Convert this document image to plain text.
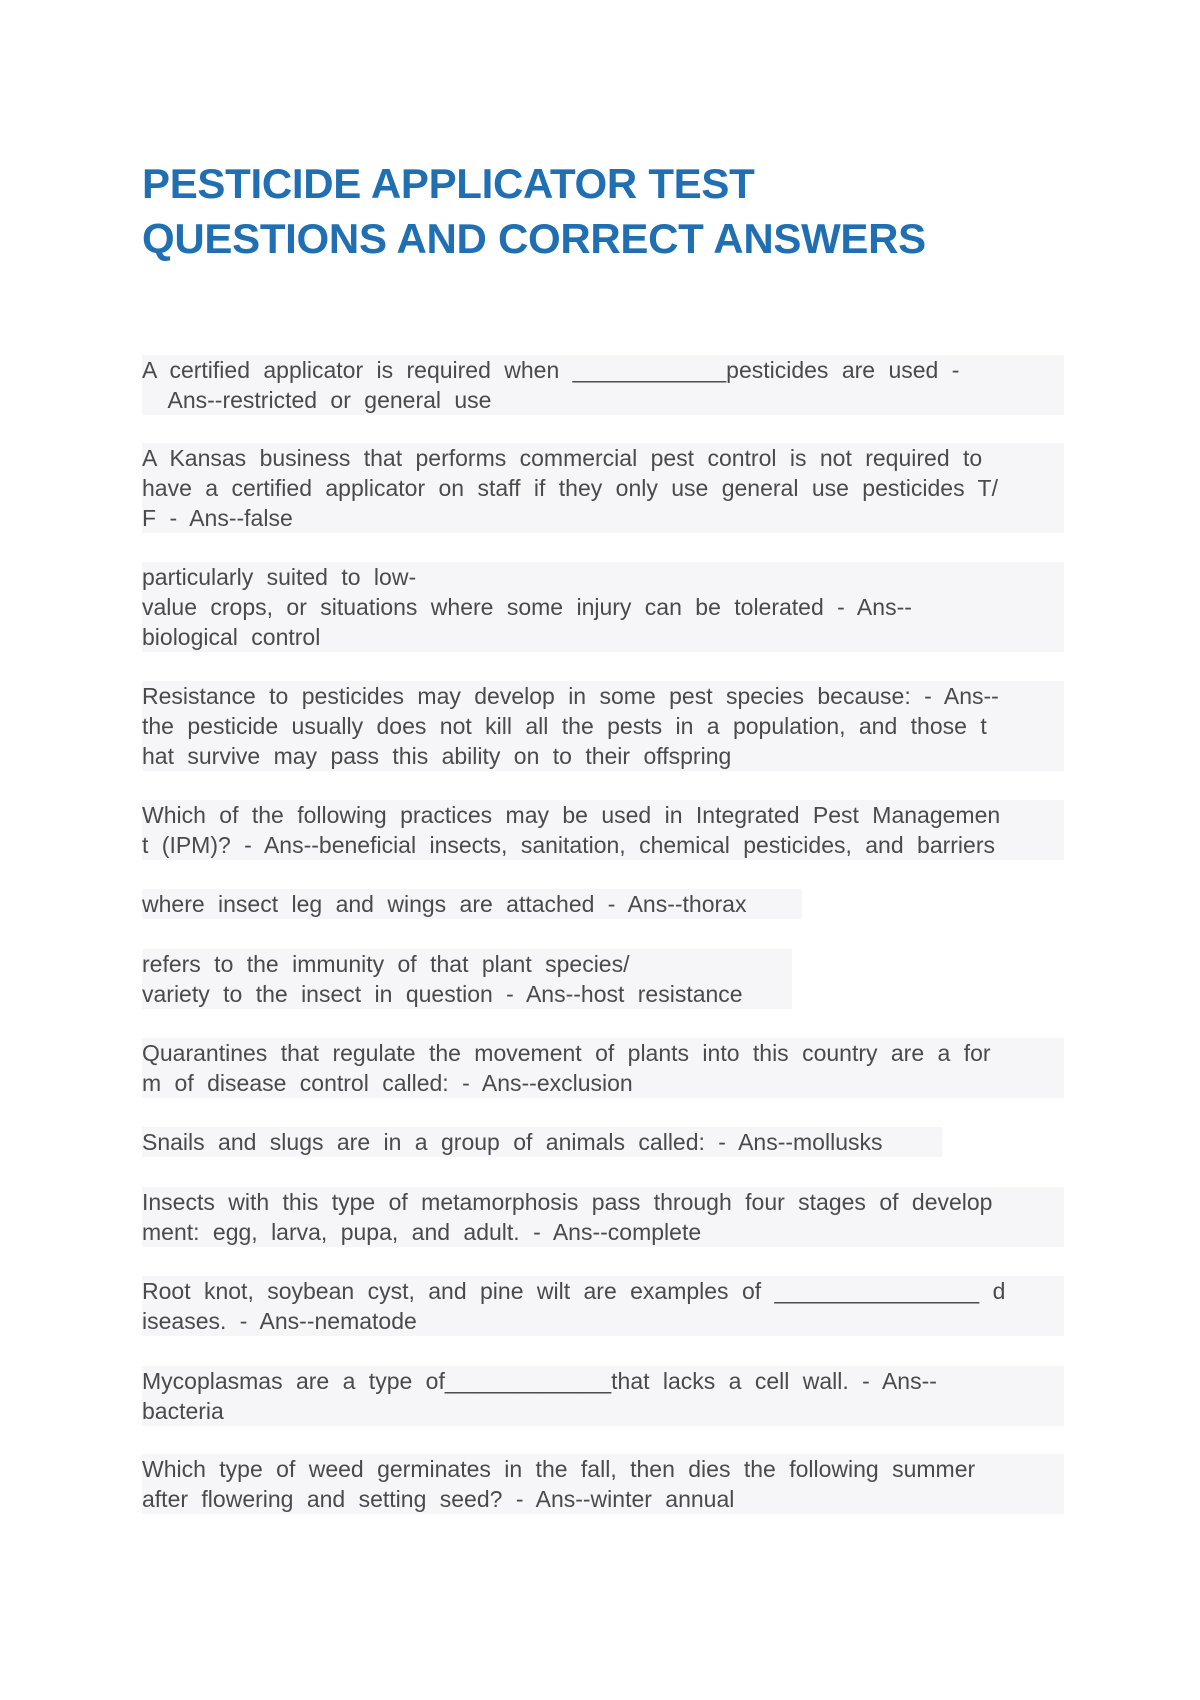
PESTICIDE APPLICATOR TEST
QUESTIONS AND CORRECT ANSWERS
A certified applicator is required when ____________pesticides are used -
Ans--restricted or general use
A Kansas business that performs commercial pest control is not required to
have a certified applicator on staff if they only use general use pesticides T/
F - Ans--false
particularly suited to low-
value crops, or situations where some injury can be tolerated - Ans--
biological control
Resistance to pesticides may develop in some pest species because: - Ans--
the pesticide usually does not kill all the pests in a population, and those t
hat survive may pass this ability on to their offspring
Which of the following practices may be used in Integrated Pest Managemen
t (IPM)? - Ans--beneficial insects, sanitation, chemical pesticides, and barriers
where insect leg and wings are attached - Ans--thorax
refers to the immunity of that plant species/
variety to the insect in question - Ans--host resistance
Quarantines that regulate the movement of plants into this country are a for
m of disease control called: - Ans--exclusion
Snails and slugs are in a group of animals called: - Ans--mollusks
Insects with this type of metamorphosis pass through four stages of develop
ment: egg, larva, pupa, and adult. - Ans--complete
Root knot, soybean cyst, and pine wilt are examples of ________________ d
iseases. - Ans--nematode
Mycoplasmas are a type of_____________that lacks a cell wall. - Ans--
bacteria
Which type of weed germinates in the fall, then dies the following summer
after flowering and setting seed? - Ans--winter annual
